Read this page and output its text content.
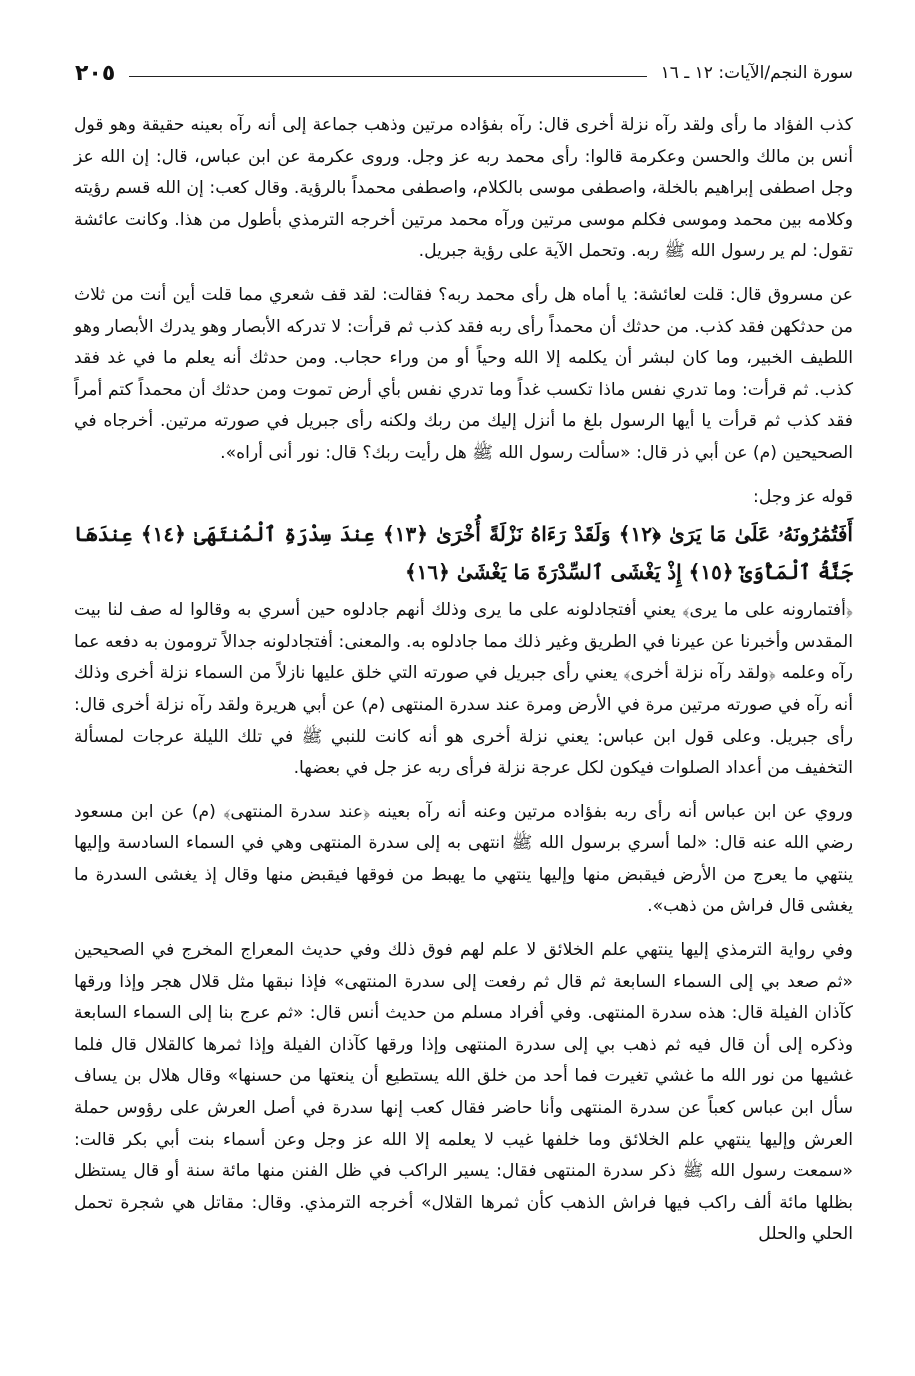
سورة النجم/الآيات: ١٢ ـ ١٦
٢٠٥

كذب الفؤاد ما رأى ولقد رآه نزلة أخرى قال: رآه بفؤاده مرتين وذهب جماعة إلى أنه رآه بعينه حقيقة وهو قول أنس بن مالك والحسن وعكرمة قالوا: رأى محمد ربه عز وجل. وروى عكرمة عن ابن عباس، قال: إن الله عز وجل اصطفى إبراهيم بالخلة، واصطفى موسى بالكلام، واصطفى محمداً بالرؤية. وقال كعب: إن الله قسم رؤيته وكلامه بين محمد وموسى فكلم موسى مرتين ورآه محمد مرتين أخرجه الترمذي بأطول من هذا. وكانت عائشة تقول: لم ير رسول الله ﷺ ربه. وتحمل الآية على رؤية جبريل.

عن مسروق قال: قلت لعائشة: يا أماه هل رأى محمد ربه؟ فقالت: لقد قف شعري مما قلت أين أنت من ثلاث من حدثكهن فقد كذب. من حدثك أن محمداً رأى ربه فقد كذب ثم قرأت: لا تدركه الأبصار وهو يدرك الأبصار وهو اللطيف الخبير، وما كان لبشر أن يكلمه إلا الله وحياً أو من وراء حجاب. ومن حدثك أنه يعلم ما في غد فقد كذب. ثم قرأت: وما تدري نفس ماذا تكسب غداً وما تدري نفس بأي أرض تموت ومن حدثك أن محمداً كتم أمراً فقد كذب ثم قرأت يا أيها الرسول بلغ ما أنزل إليك من ربك ولكنه رأى جبريل في صورته مرتين. أخرجاه في الصحيحين (م) عن أبي ذر قال: «سألت رسول الله ﷺ هل رأيت ربك؟ قال: نور أنى أراه».

قوله عز وجل:

أَفَتُمَٰرُونَهُۥ عَلَىٰ مَا يَرَىٰ ﴿١٢﴾ وَلَقَدْ رَءَاهُ نَزْلَةً أُخْرَىٰ ﴿١٣﴾ عِندَ سِدْرَةِ ٱلْمُنتَهَىٰ ﴿١٤﴾ عِندَهَا جَنَّةُ ٱلْمَأْوَىٰٓ ﴿١٥﴾ إِذْ يَغْشَى ٱلسِّدْرَةَ مَا يَغْشَىٰ ﴿١٦﴾

﴿أفتمارونه على ما يرى﴾ يعني أفتجادلونه على ما يرى وذلك أنهم جادلوه حين أسري به وقالوا له صف لنا بيت المقدس وأخبرنا عن عيرنا في الطريق وغير ذلك مما جادلوه به. والمعنى: أفتجادلونه جدالاً ترومون به دفعه عما رآه وعلمه ﴿ولقد رآه نزلة أخرى﴾ يعني رأى جبريل في صورته التي خلق عليها نازلاً من السماء نزلة أخرى وذلك أنه رآه في صورته مرتين مرة في الأرض ومرة عند سدرة المنتهى (م) عن أبي هريرة ولقد رآه نزلة أخرى قال: رأى جبريل. وعلى قول ابن عباس: يعني نزلة أخرى هو أنه كانت للنبي ﷺ في تلك الليلة عرجات لمسألة التخفيف من أعداد الصلوات فيكون لكل عرجة نزلة فرأى ربه عز جل في بعضها.

وروي عن ابن عباس أنه رأى ربه بفؤاده مرتين وعنه أنه رآه بعينه ﴿عند سدرة المنتهى﴾ (م) عن ابن مسعود رضي الله عنه قال: «لما أسري برسول الله ﷺ انتهى به إلى سدرة المنتهى وهي في السماء السادسة وإليها ينتهي ما يعرج من الأرض فيقبض منها وإليها ينتهي ما يهبط من فوقها فيقبض منها وقال إذ يغشى السدرة ما يغشى قال فراش من ذهب».

وفي رواية الترمذي إليها ينتهي علم الخلائق لا علم لهم فوق ذلك وفي حديث المعراج المخرج في الصحيحين «ثم صعد بي إلى السماء السابعة ثم قال ثم رفعت إلى سدرة المنتهى» فإذا نبقها مثل قلال هجر وإذا ورقها كآذان الفيلة قال: هذه سدرة المنتهى. وفي أفراد مسلم من حديث أنس قال: «ثم عرج بنا إلى السماء السابعة وذكره إلى أن قال فيه ثم ذهب بي إلى سدرة المنتهى وإذا ورقها كآذان الفيلة وإذا ثمرها كالقلال قال فلما غشيها من نور الله ما غشي تغيرت فما أحد من خلق الله يستطيع أن ينعتها من حسنها» وقال هلال بن يساف سأل ابن عباس كعباً عن سدرة المنتهى وأنا حاضر فقال كعب إنها سدرة في أصل العرش على رؤوس حملة العرش وإليها ينتهي علم الخلائق وما خلفها غيب لا يعلمه إلا الله عز وجل وعن أسماء بنت أبي بكر قالت: «سمعت رسول الله ﷺ ذكر سدرة المنتهى فقال: يسير الراكب في ظل الفنن منها مائة سنة أو قال يستظل بظلها مائة ألف راكب فيها فراش الذهب كأن ثمرها القلال» أخرجه الترمذي. وقال: مقاتل هي شجرة تحمل الحلي والحلل
